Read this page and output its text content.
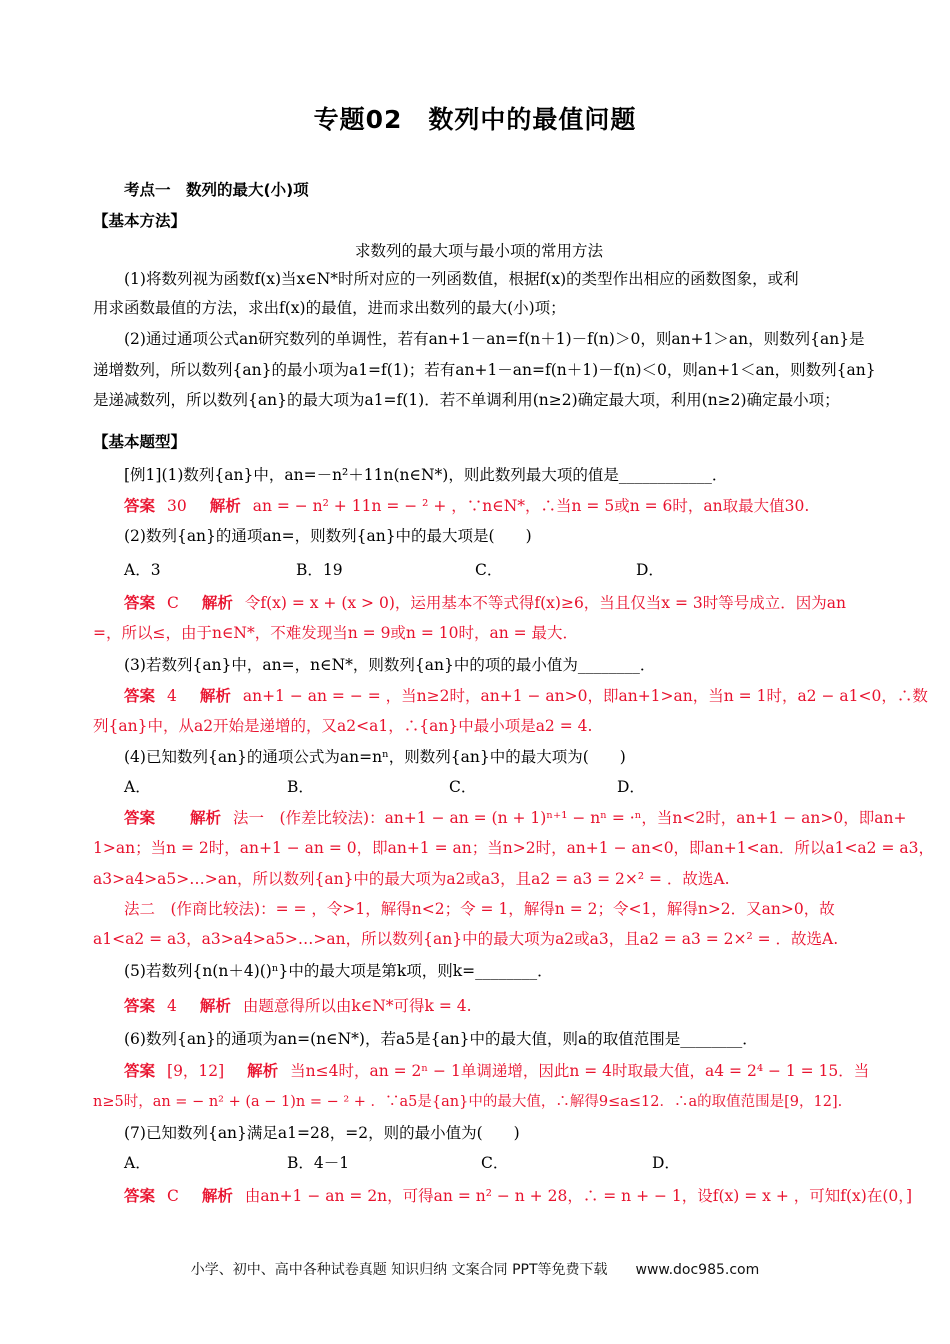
专题02　数列中的最值问题
考点一　数列的最大(小)项
【基本方法】
求数列的最大项与最小项的常用方法
(1)将数列视为函数f(x)当x∈N*时所对应的一列函数值，根据f(x)的类型作出相应的函数图象，或利
用求函数最值的方法，求出f(x)的最值，进而求出数列的最大(小)项；
(2)通过通项公式an研究数列的单调性，若有an+1－an=f(n＋1)－f(n)＞0，则an+1＞an，则数列{an}是
递增数列，所以数列{an}的最小项为a1=f(1)；若有an+1－an=f(n＋1)－f(n)＜0，则an+1＜an，则数列{an}
是递减数列，所以数列{an}的最大项为a1=f(1)．若不单调利用(n≥2)确定最大项，利用(n≥2)确定最小项；
【基本题型】
[例1](1)数列{an}中，an=－n²＋11n(n∈N*)，则此数列最大项的值是____________．
答案 30 解析 an = − n² + 11n = − ² + ，∵n∈N*，∴当n = 5或n = 6时，an取最大值30.
(2)数列{an}的通项an=，则数列{an}中的最大项是(　　)
A．3	B．19	C．	D．
答案 C 解析 令f(x) = x + (x > 0)，运用基本不等式得f(x)≥6，当且仅当x = 3时等号成立．因为an
=，所以≤，由于n∈N*，不难发现当n = 9或n = 10时，an = 最大．
(3)若数列{an}中，an=，n∈N*，则数列{an}中的项的最小值为________．
答案 4 解析 an+1 − an = − = ，当n≥2时，an+1 − an>0，即an+1>an，当n = 1时，a2 − a1<0，∴数
列{an}中，从a2开始是递增的，又a2<a1，∴{an}中最小项是a2 = 4.
(4)已知数列{an}的通项公式为an=nⁿ，则数列{an}中的最大项为(　　)
A．	B．	C．	D．
答案 解析 法一　(作差比较法)：an+1 − an = (n + 1)ⁿ⁺¹ − nⁿ = ·ⁿ，当n<2时，an+1 − an>0，即an+
1>an；当n = 2时，an+1 − an = 0，即an+1 = an；当n>2时，an+1 − an<0，即an+1<an．所以a1<a2 = a3，
a3>a4>a5>…>an，所以数列{an}中的最大项为a2或a3，且a2 = a3 = 2×² = ．故选A.
法二　(作商比较法)：= = ，令>1，解得n<2；令 = 1，解得n = 2；令<1，解得n>2．又an>0，故
a1<a2 = a3，a3>a4>a5>…>an，所以数列{an}中的最大项为a2或a3，且a2 = a3 = 2×² = ．故选A.
(5)若数列{n(n＋4)()ⁿ}中的最大项是第k项，则k=________．
答案 4 解析 由题意得所以由k∈N*可得k = 4.
(6)数列{an}的通项为an=(n∈N*)，若a5是{an}中的最大值，则a的取值范围是________．
答案 [9，12] 解析 当n≤4时，an = 2ⁿ − 1单调递增，因此n = 4时取最大值，a4 = 2⁴ − 1 = 15．当
n≥5时，an = − n² + (a − 1)n = − ² + ．∵a5是{an}中的最大值，∴解得9≤a≤12．∴a的取值范围是[9，12].
(7)已知数列{an}满足a1=28，=2，则的最小值为(　　)
A．	B．4－1	C．	D．
答案 C 解析 由an+1 − an = 2n，可得an = n² − n + 28，∴ = n + − 1，设f(x) = x + ，可知f(x)在(0，]
小学、初中、高中各种试卷真题 知识归纳 文案合同 PPT等免费下载　　www.doc985.com
